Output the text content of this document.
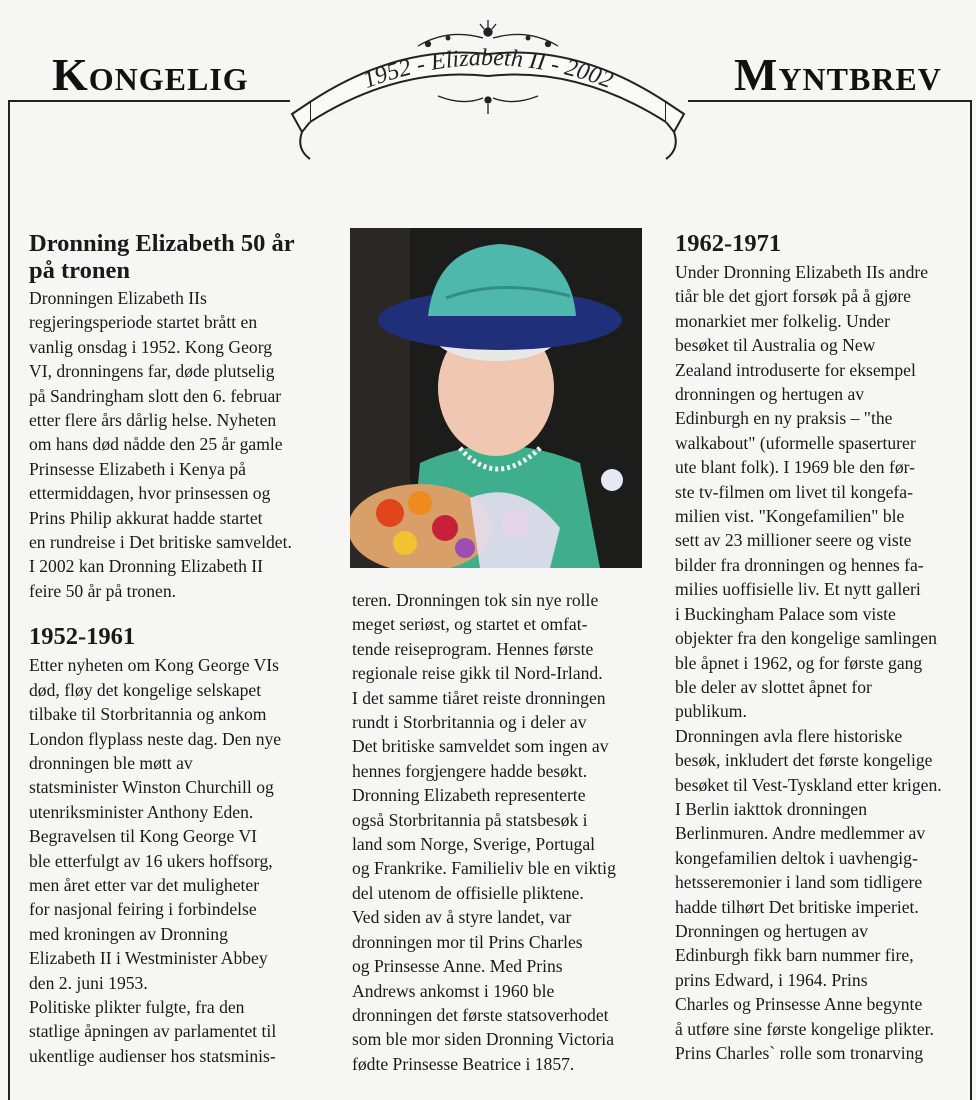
Kongelig	Myntbrev
1952 - Elizabeth II - 2002
Dronning Elizabeth 50 år på tronen

Dronningen Elizabeth IIs

regjeringsperiode startet brått en

vanlig onsdag i 1952. Kong Georg

VI, dronningens far, døde plutselig

på Sandringham slott den 6. februar

etter flere års dårlig helse. Nyheten

om hans død nådde den 25 år gamle

Prinsesse Elizabeth i Kenya på

ettermiddagen, hvor prinsessen og

Prins Philip akkurat hadde startet

en rundreise i Det britiske samveldet.

I 2002 kan Dronning Elizabeth II

feire 50 år på tronen.

1952-1961

Etter nyheten om Kong George VIs

død, fløy det kongelige selskapet

tilbake til Storbritannia og ankom

London flyplass neste dag. Den nye

dronningen ble møtt av

statsminister Winston Churchill og

utenriksminister Anthony Eden.

Begravelsen til Kong George VI

ble etterfulgt av 16 ukers hoffsorg,

men året etter var det muligheter

for nasjonal feiring i forbindelse

med kroningen av Dronning

Elizabeth II i Westminister Abbey

den 2. juni 1953.

Politiske plikter fulgte, fra den

statlige åpningen av parlamentet til

ukentlige audienser hos statsminis-

teren. Dronningen tok sin nye rolle

meget seriøst, og startet et omfat-

tende reiseprogram. Hennes første

regionale reise gikk til Nord-Irland.

I det samme tiåret reiste dronningen

rundt i Storbritannia og i deler av

Det britiske samveldet som ingen av

hennes forgjengere hadde besøkt.

Dronning Elizabeth representerte

også Storbritannia på statsbesøk i

land som Norge, Sverige, Portugal

og Frankrike. Familieliv ble en viktig

del utenom de offisielle pliktene.

Ved siden av å styre landet, var

dronningen mor til Prins Charles

og Prinsesse Anne. Med Prins

Andrews ankomst i 1960 ble

dronningen det første statsoverhodet

som ble mor siden Dronning Victoria

fødte Prinsesse Beatrice i 1857.

1962-1971

Under Dronning Elizabeth IIs andre

tiår ble det gjort forsøk på å gjøre

monarkiet mer folkelig. Under

besøket til Australia og New

Zealand introduserte for eksempel

dronningen og hertugen av

Edinburgh en ny praksis – "the

walkabout" (uformelle spaserturer

ute blant folk). I 1969 ble den før-

ste tv-filmen om livet til kongefa-

milien vist. "Kongefamilien" ble

sett av 23 millioner seere og viste

bilder fra dronningen og hennes fa-

milies uoffisielle liv. Et nytt galleri

i Buckingham Palace som viste

objekter fra den kongelige samlingen

ble åpnet i 1962, og for første gang

ble deler av slottet åpnet for

publikum.

Dronningen avla flere historiske

besøk, inkludert det første kongelige

besøket til Vest-Tyskland etter krigen.

I Berlin iakttok dronningen

Berlinmuren. Andre medlemmer av

kongefamilien deltok i uavhengig-

hetsseremonier i land som tidligere

hadde tilhørt Det britiske imperiet.

Dronningen og hertugen av

Edinburgh fikk barn nummer fire,

prins Edward, i 1964. Prins

Charles og Prinsesse Anne begynte

å utføre sine første kongelige plikter.

Prins Charles` rolle som tronarving
